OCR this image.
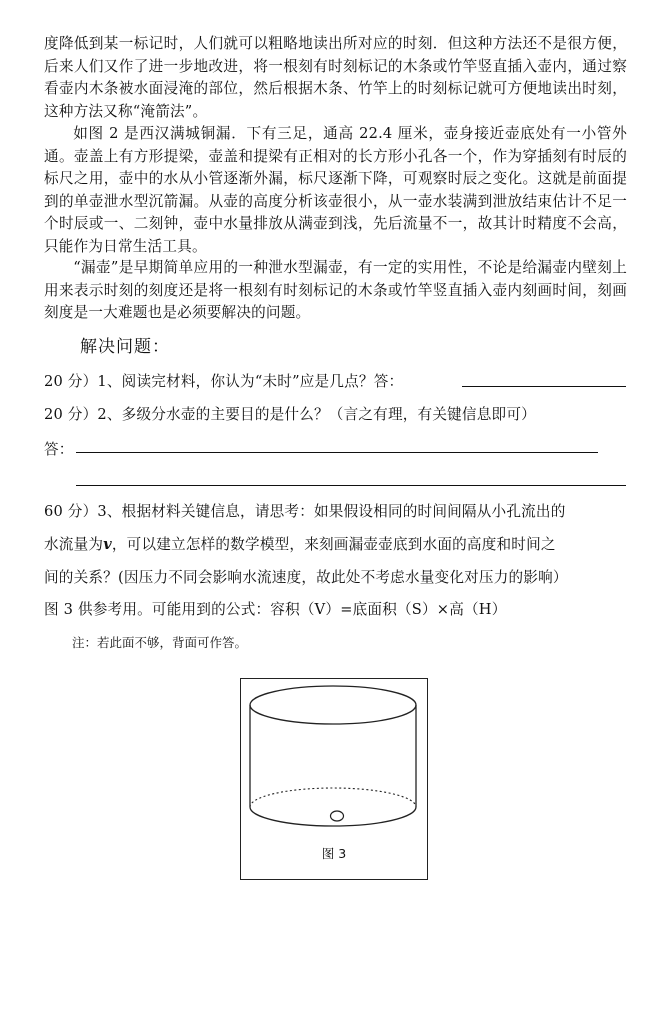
度降低到某一标记时，人们就可以粗略地读出所对应的时刻．但这种方法还不是很方便，后来人们又作了进一步地改进，将一根刻有时刻标记的木条或竹竿竖直插入壶内，通过察看壶内木条被水面浸淹的部位，然后根据木条、竹竿上的时刻标记就可方便地读出时刻，这种方法又称“淹箭法”。

如图 2 是西汉满城铜漏．下有三足，通高 22.4 厘米，壶身接近壶底处有一小管外通。壶盖上有方形提梁，壶盖和提梁有正相对的长方形小孔各一个，作为穿插刻有时辰的标尺之用，壶中的水从小管逐渐外漏，标尺逐渐下降，可观察时辰之变化。这就是前面提到的单壶泄水型沉箭漏。从壶的高度分析该壶很小，从一壶水装满到泄放结束估计不足一个时辰或一、二刻钟，壶中水量排放从满壶到浅，先后流量不一，故其计时精度不会高，只能作为日常生活工具。

“漏壶”是早期简单应用的一种泄水型漏壶，有一定的实用性，不论是给漏壶内壁刻上用来表示时刻的刻度还是将一根刻有时刻标记的木条或竹竿竖直插入壶内刻画时间，刻画刻度是一大难题也是必须要解决的问题。

解决问题：
20 分）1、阅读完材料，你认为“未时”应是几点？答：
20 分）2、多级分水壶的主要目的是什么？（言之有理，有关键信息即可）
答：
60 分）3、根据材料关键信息，请思考：如果假设相同的时间间隔从小孔流出的
水流量为v，可以建立怎样的数学模型，来刻画漏壶壶底到水面的高度和时间之
间的关系？(因压力不同会影响水流速度，故此处不考虑水量变化对压力的影响）
图 3 供参考用。可能用到的公式：容积（V）=底面积（S）×高（H）
注：若此面不够，背面可作答。
图 3
